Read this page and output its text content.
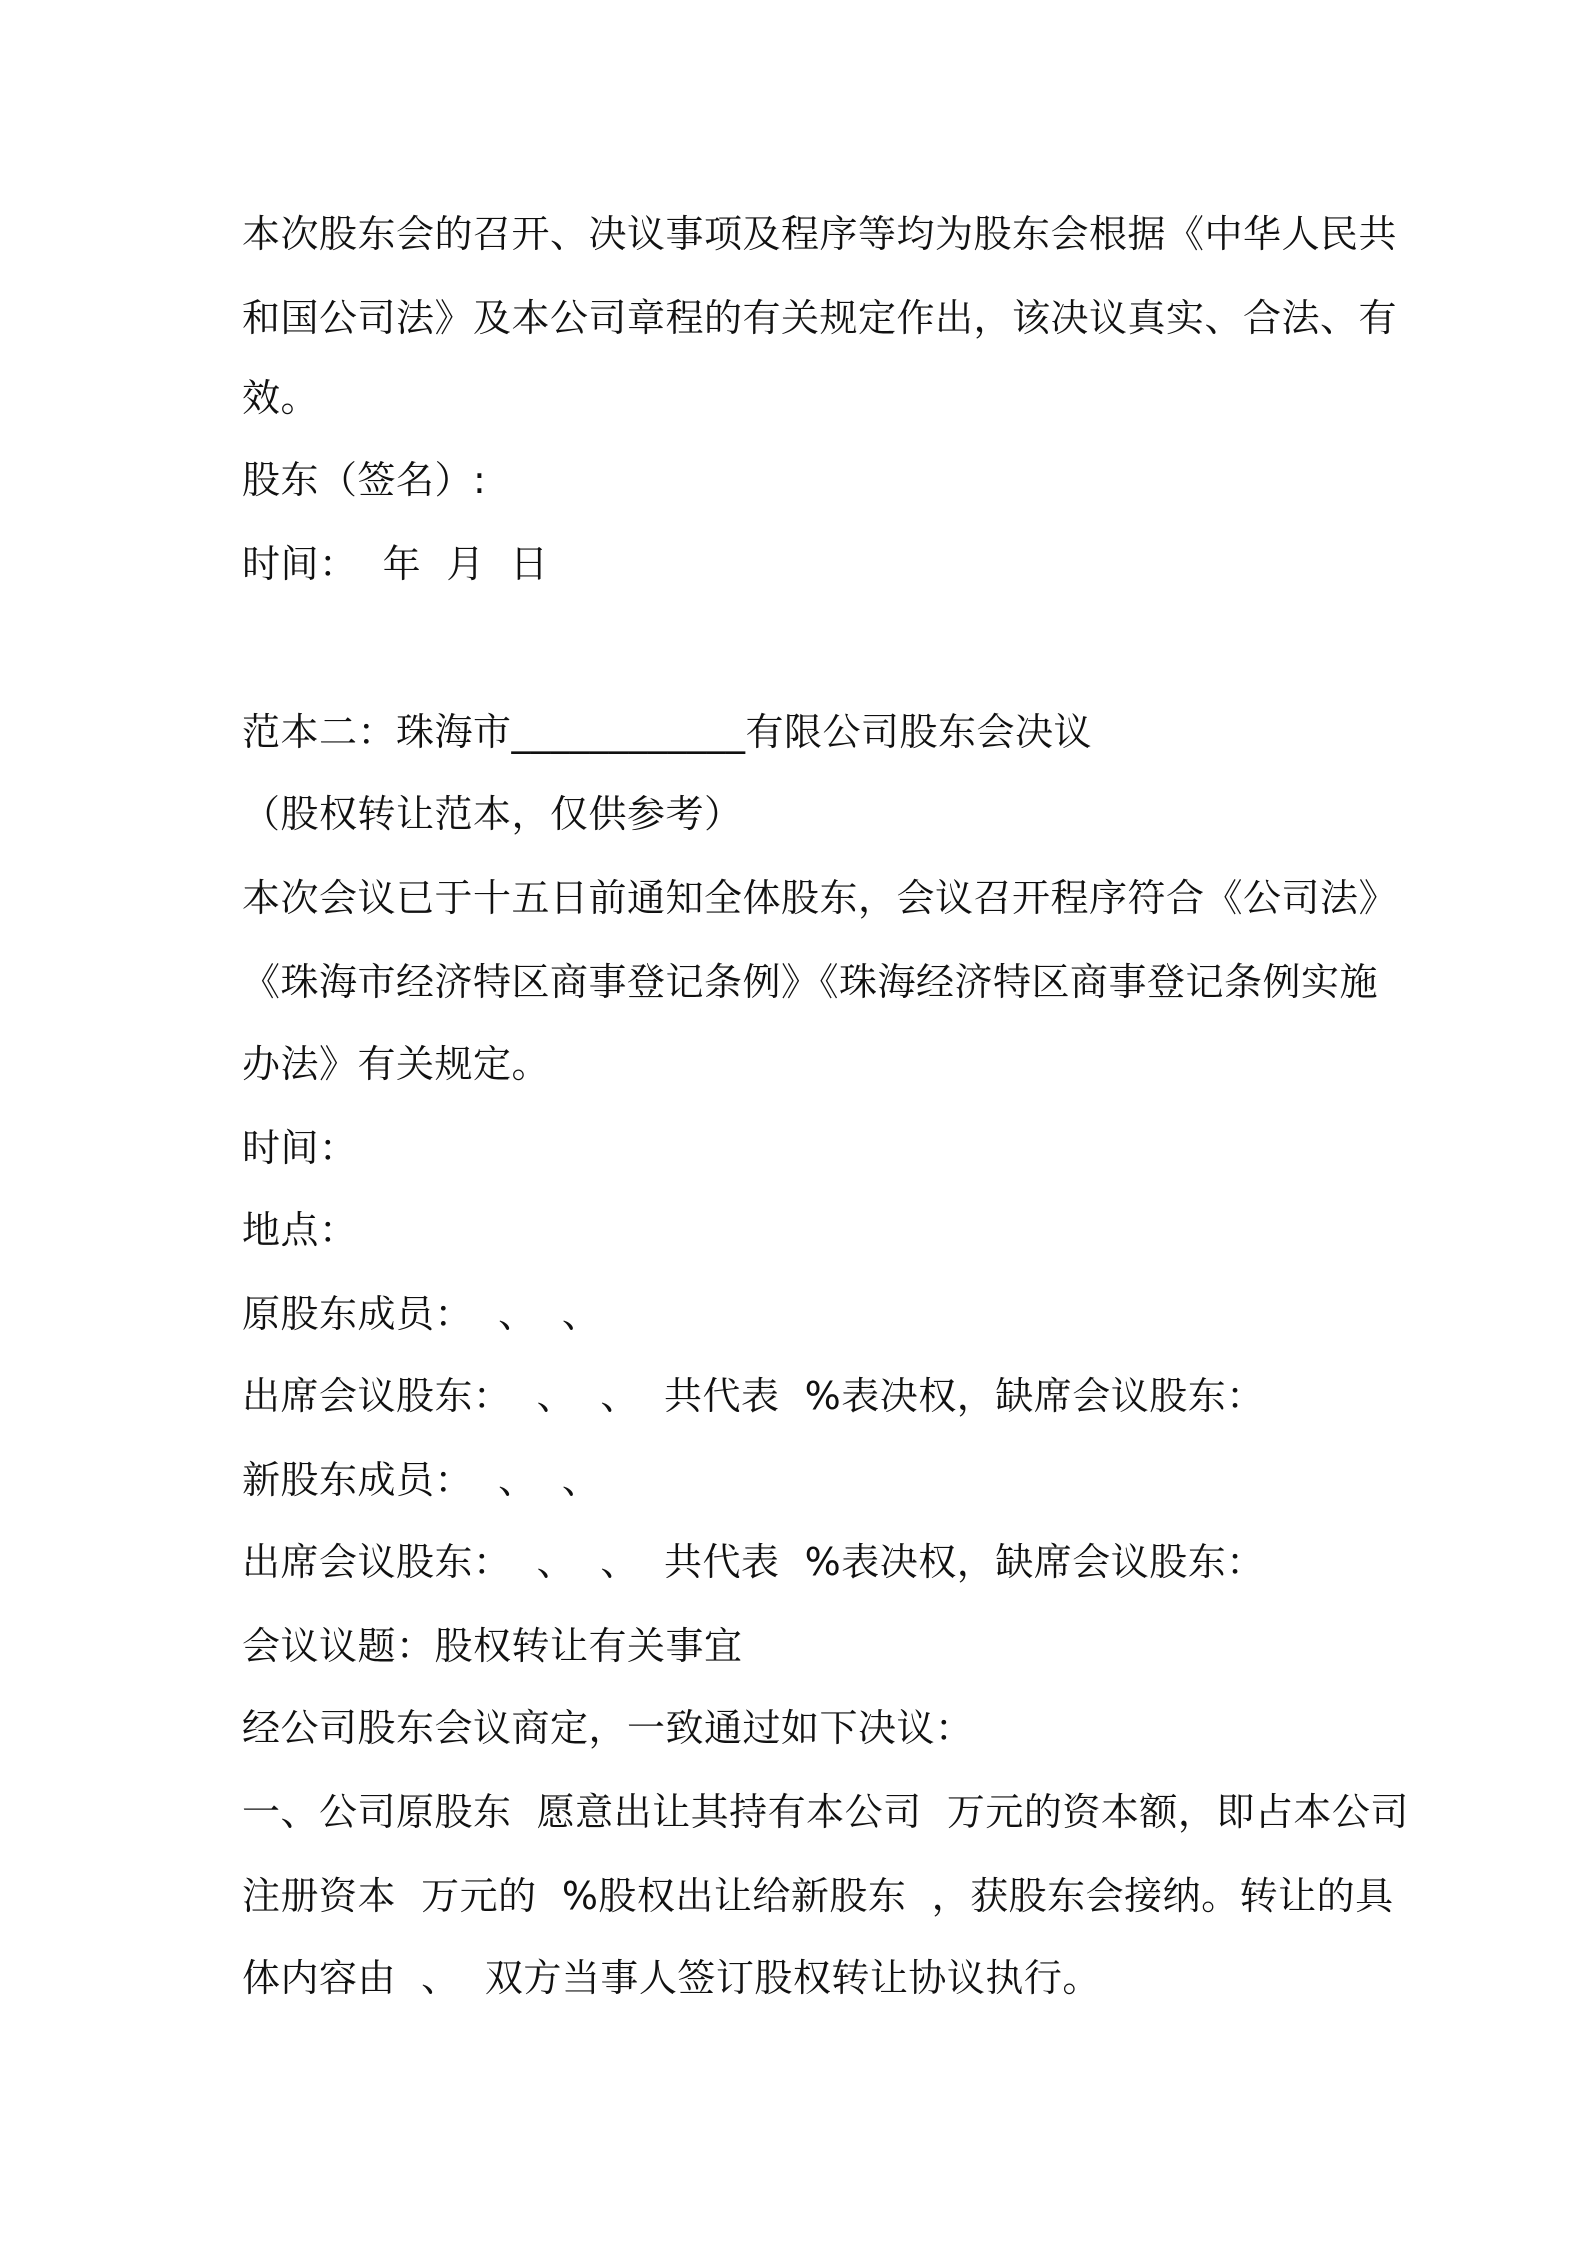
本次股东会的召开、决议事项及程序等均为股东会根据《中华人民共

和国公司法》及本公司章程的有关规定作出，该决议真实、合法、有

效。

股东（签名）:

时间：  年  月  日

范本二：珠海市____________有限公司股东会决议

（股权转让范本，仅供参考）

本次会议已于十五日前通知全体股东，会议召开程序符合《公司法》

《珠海市经济特区商事登记条例》《珠海经济特区商事登记条例实施

办法》有关规定。

时间：

地点：

原股东成员：  、  、

出席会议股东：  、  、  共代表  %表决权，缺席会议股东：

新股东成员：  、  、

出席会议股东：  、  、  共代表  %表决权，缺席会议股东：

会议议题：股权转让有关事宜

经公司股东会议商定，一致通过如下决议：

一、公司原股东  愿意出让其持有本公司  万元的资本额，即占本公司

注册资本  万元的  %股权出让给新股东  ，获股东会接纳。转让的具

体内容由  、  双方当事人签订股权转让协议执行。
